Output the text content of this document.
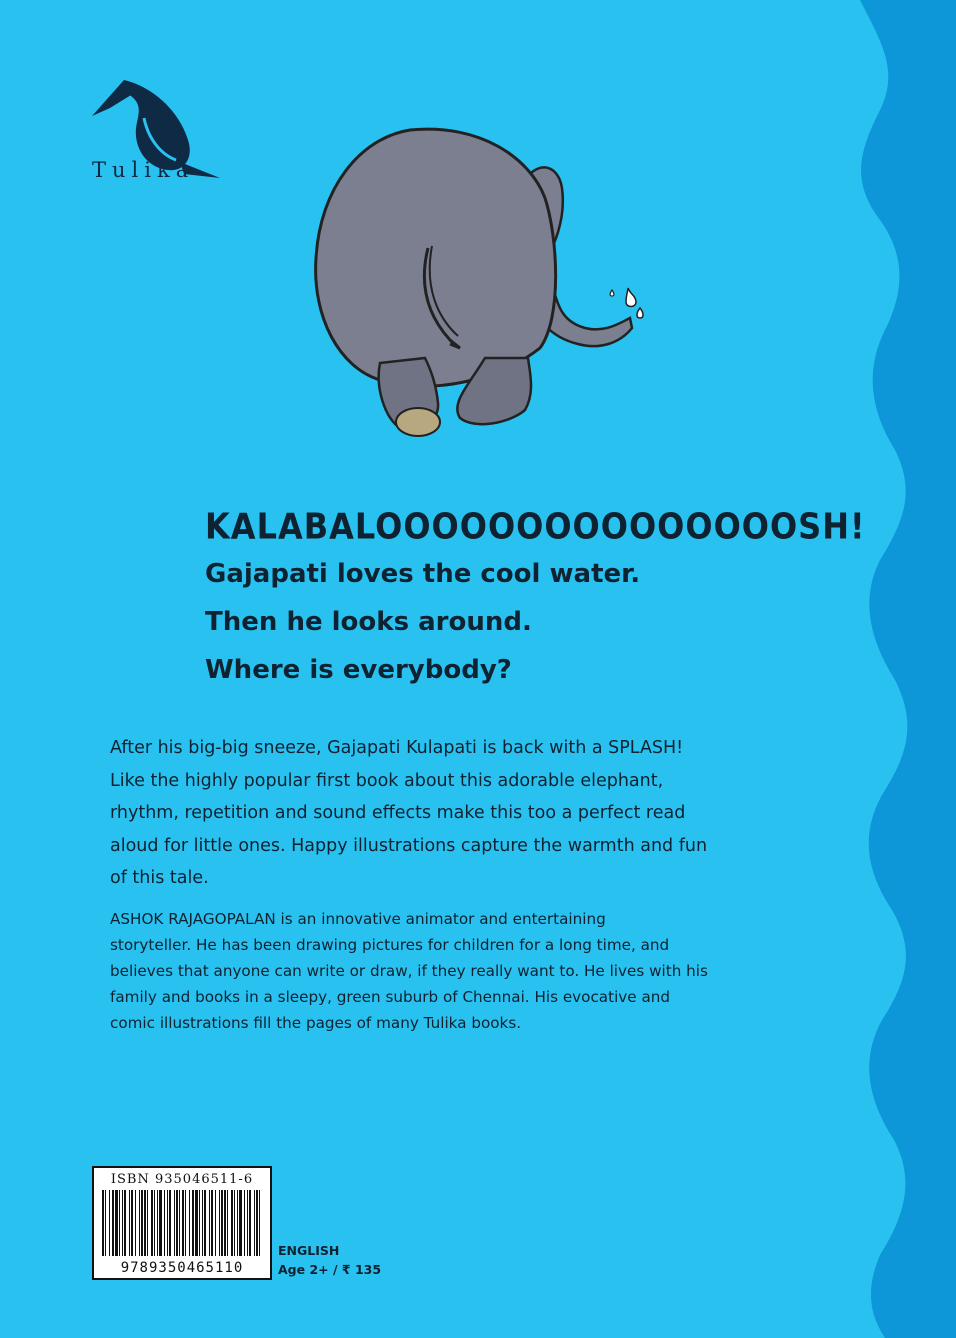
Tulika
KALABALOOOOOOOOOOOOOOOSH!
Gajapati loves the cool water.
Then he looks around.
Where is everybody?
After his big-big sneeze, Gajapati Kulapati is back with a SPLASH!
Like the highly popular first book about this adorable elephant,
rhythm, repetition and sound effects make this too a perfect read
aloud for little ones. Happy illustrations capture the warmth and fun
of this tale.
ASHOK RAJAGOPALAN is an innovative animator and entertaining
storyteller. He has been drawing pictures for children for a long time, and
believes that anyone can write or draw, if they really want to. He lives with his
family and books in a sleepy, green suburb of Chennai. His evocative and
comic illustrations fill the pages of many Tulika books.
ISBN 935046511-6
9789350465110
ENGLISH
Age 2+ / ₹ 135
